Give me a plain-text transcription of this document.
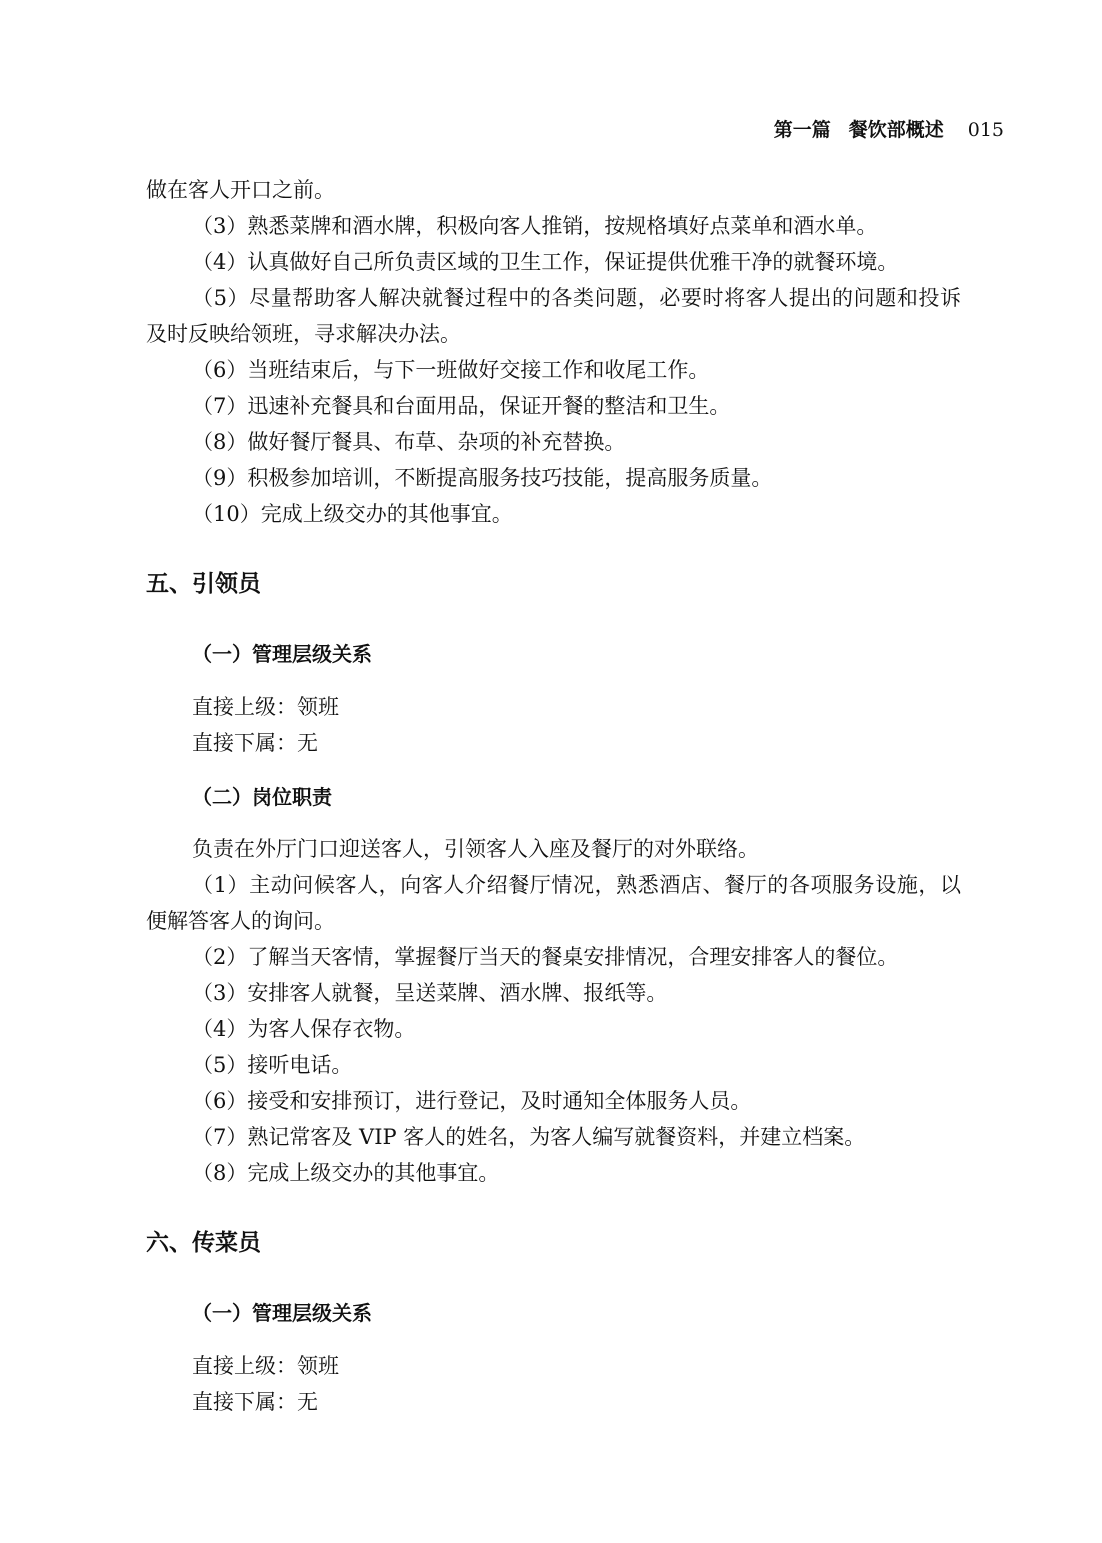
第一篇 餐饮部概述 015

做在客人开口之前。

（3）熟悉菜牌和酒水牌，积极向客人推销，按规格填好点菜单和酒水单。

（4）认真做好自己所负责区域的卫生工作，保证提供优雅干净的就餐环境。

（5）尽量帮助客人解决就餐过程中的各类问题，必要时将客人提出的问题和投诉及时反映给领班，寻求解决办法。

（6）当班结束后，与下一班做好交接工作和收尾工作。

（7）迅速补充餐具和台面用品，保证开餐的整洁和卫生。

（8）做好餐厅餐具、布草、杂项的补充替换。

（9）积极参加培训，不断提高服务技巧技能，提高服务质量。

（10）完成上级交办的其他事宜。

五、引领员
（一）管理层级关系

直接上级：领班

直接下属：无

（二）岗位职责

负责在外厅门口迎送客人，引领客人入座及餐厅的对外联络。

（1）主动问候客人，向客人介绍餐厅情况，熟悉酒店、餐厅的各项服务设施，以便解答客人的询问。

（2）了解当天客情，掌握餐厅当天的餐桌安排情况，合理安排客人的餐位。

（3）安排客人就餐，呈送菜牌、酒水牌、报纸等。

（4）为客人保存衣物。

（5）接听电话。

（6）接受和安排预订，进行登记，及时通知全体服务人员。

（7）熟记常客及 VIP 客人的姓名，为客人编写就餐资料，并建立档案。

（8）完成上级交办的其他事宜。

六、传菜员
（一）管理层级关系

直接上级：领班

直接下属：无
